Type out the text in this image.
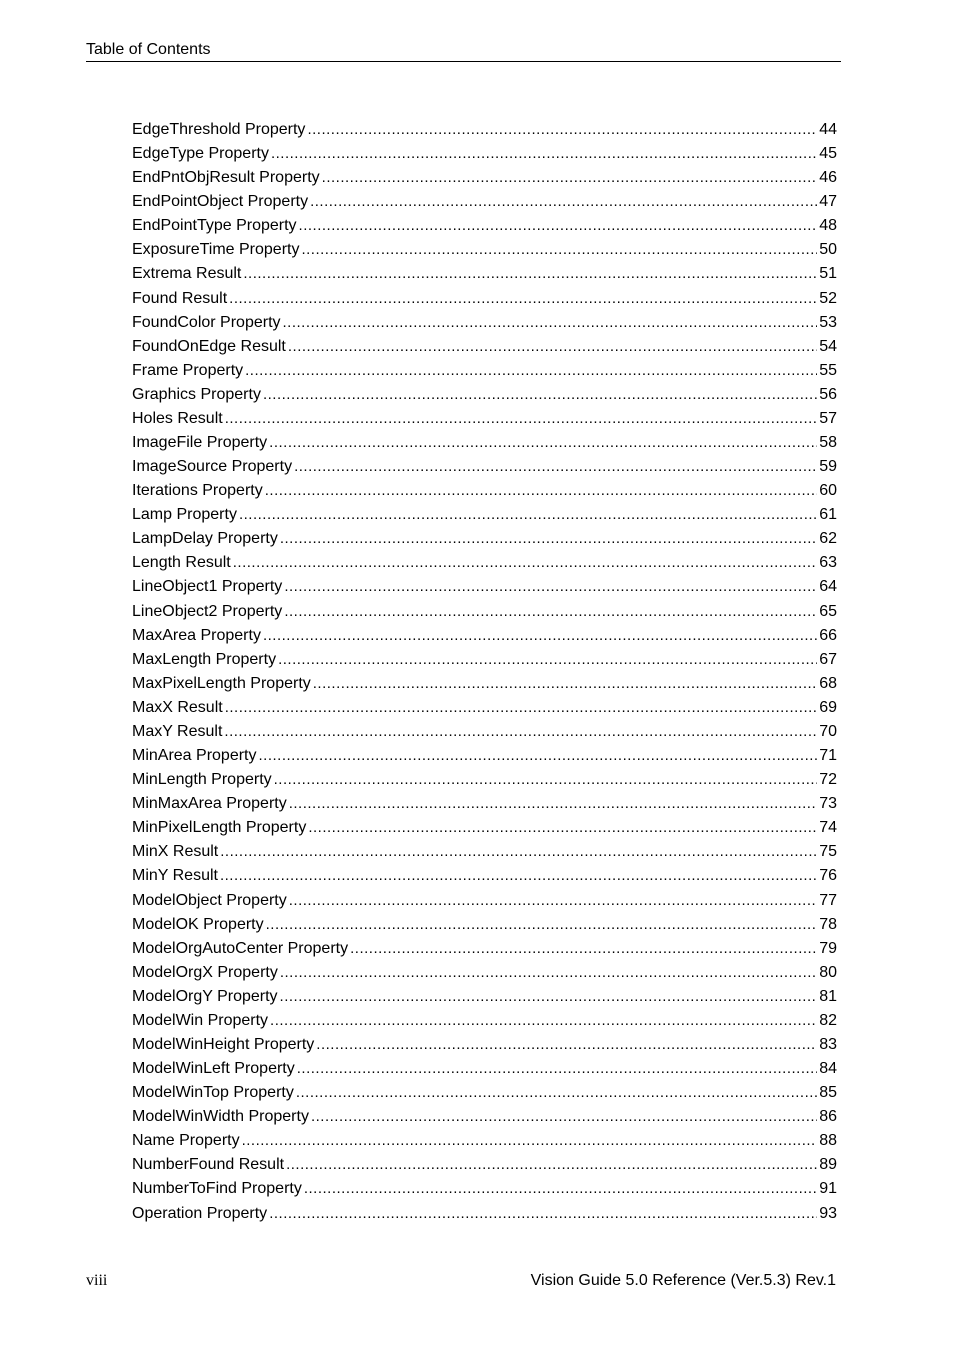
Table of Contents
EdgeThreshold Property .....	44
EdgeType Property .....	45
EndPntObjResult Property .....	46
EndPointObject Property .....	47
EndPointType Property .....	48
ExposureTime Property .....	50
Extrema Result .....	51
Found Result .....	52
FoundColor Property .....	53
FoundOnEdge Result .....	54
Frame Property .....	55
Graphics Property .....	56
Holes Result .....	57
ImageFile Property .....	58
ImageSource Property .....	59
Iterations Property .....	60
Lamp Property .....	61
LampDelay Property .....	62
Length Result .....	63
LineObject1 Property .....	64
LineObject2 Property .....	65
MaxArea Property .....	66
MaxLength Property .....	67
MaxPixelLength Property .....	68
MaxX Result .....	69
MaxY Result .....	70
MinArea Property .....	71
MinLength Property .....	72
MinMaxArea Property .....	73
MinPixelLength Property .....	74
MinX Result .....	75
MinY Result .....	76
ModelObject Property .....	77
ModelOK Property .....	78
ModelOrgAutoCenter Property .....	79
ModelOrgX Property .....	80
ModelOrgY Property .....	81
ModelWin Property .....	82
ModelWinHeight Property .....	83
ModelWinLeft Property .....	84
ModelWinTop Property .....	85
ModelWinWidth Property .....	86
Name Property .....	88
NumberFound Result .....	89
NumberToFind Property .....	91
Operation Property .....	93
viii	Vision Guide 5.0 Reference (Ver.5.3) Rev.1
